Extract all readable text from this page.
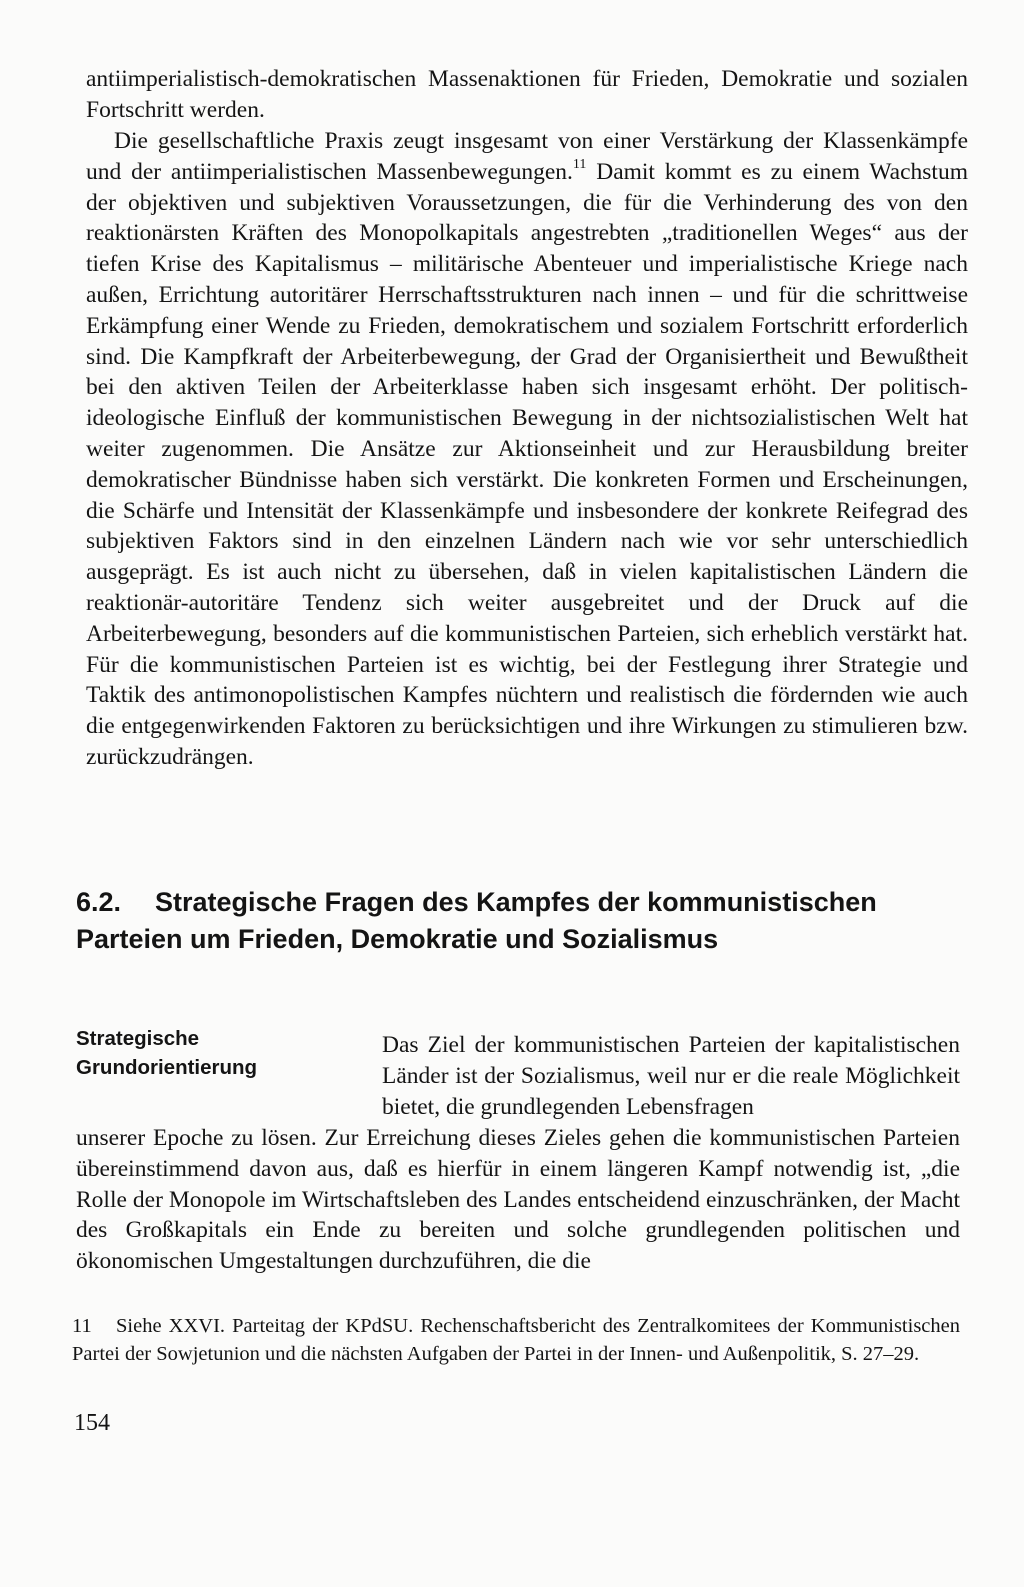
antiimperialistisch-demokratischen Massenaktionen für Frieden, Demokratie und sozialen Fortschritt werden.

Die gesellschaftliche Praxis zeugt insgesamt von einer Verstärkung der Klassenkämpfe und der antiimperialistischen Massenbewegungen.$^{11}$ Damit kommt es zu einem Wachstum der objektiven und subjektiven Voraussetzungen, die für die Verhinderung des von den reaktionärsten Kräften des Monopolkapitals angestrebten „traditionellen Weges“ aus der tiefen Krise des Kapitalismus – militärische Abenteuer und imperialistische Kriege nach außen, Errichtung autoritärer Herrschaftsstrukturen nach innen – und für die schrittweise Erkämpfung einer Wende zu Frieden, demokratischem und sozialem Fortschritt erforderlich sind. Die Kampfkraft der Arbeiterbewegung, der Grad der Organisiertheit und Bewußtheit bei den aktiven Teilen der Arbeiterklasse haben sich insgesamt erhöht. Der politisch-ideologische Einfluß der kommunistischen Bewegung in der nichtsozialistischen Welt hat weiter zugenommen. Die Ansätze zur Aktionseinheit und zur Herausbildung breiter demokratischer Bündnisse haben sich verstärkt. Die konkreten Formen und Erscheinungen, die Schärfe und Intensität der Klassenkämpfe und insbesondere der konkrete Reifegrad des subjektiven Faktors sind in den einzelnen Ländern nach wie vor sehr unterschiedlich ausgeprägt. Es ist auch nicht zu übersehen, daß in vielen kapitalistischen Ländern die reaktionär-autoritäre Tendenz sich weiter ausgebreitet und der Druck auf die Arbeiterbewegung, besonders auf die kommunistischen Parteien, sich erheblich verstärkt hat. Für die kommunistischen Parteien ist es wichtig, bei der Festlegung ihrer Strategie und Taktik des antimonopolistischen Kampfes nüchtern und realistisch die fördernden wie auch die entgegenwirkenden Faktoren zu berücksichtigen und ihre Wirkungen zu stimulieren bzw. zurückzudrängen.

6.2. Strategische Fragen des Kampfes der kommunistischen Parteien um Frieden, Demokratie und Sozialismus
Strategische
Grundorientierung

Das Ziel der kommunistischen Parteien der kapitalistischen Länder ist der Sozialismus, weil nur er die reale Möglichkeit bietet, die grundlegenden Lebensfragen

unserer Epoche zu lösen. Zur Erreichung dieses Zieles gehen die kommunistischen Parteien übereinstimmend davon aus, daß es hierfür in einem längeren Kampf notwendig ist, „die Rolle der Monopole im Wirtschaftsleben des Landes entscheidend einzuschränken, der Macht des Großkapitals ein Ende zu bereiten und solche grundlegenden politischen und ökonomischen Umgestaltungen durchzuführen, die die

11 Siehe XXVI. Parteitag der KPdSU. Rechenschaftsbericht des Zentralkomitees der Kommunistischen Partei der Sowjetunion und die nächsten Aufgaben der Partei in der Innen- und Außenpolitik, S. 27–29.

154
